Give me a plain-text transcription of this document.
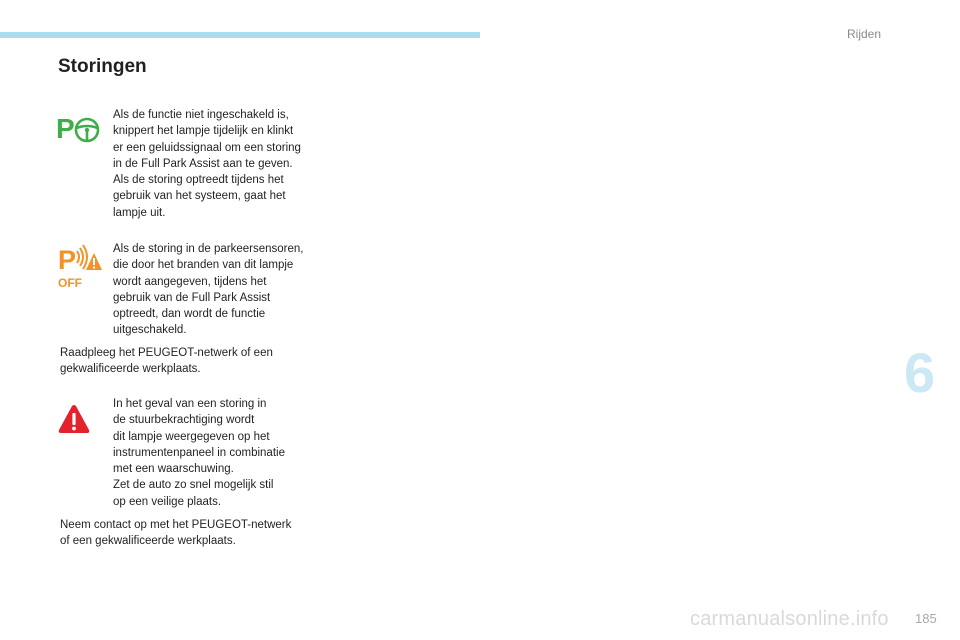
Rijden
Storingen
P	Als de functie niet ingeschakeld is,
knippert het lampje tijdelijk en klinkt
er een geluidssignaal om een storing
in de Full Park Assist aan te geven.
Als de storing optreedt tijdens het
gebruik van het systeem, gaat het
lampje uit.
P
OFF
Als de storing in de parkeersensoren,
die door het branden van dit lampje
wordt aangegeven, tijdens het
gebruik van de Full Park Assist
optreedt, dan wordt de functie
uitgeschakeld.
Raadpleeg het PEUGEOT-netwerk of een
gekwalificeerde werkplaats.
In het geval van een storing in
de stuurbekrachtiging wordt
dit lampje weergegeven op het
instrumentenpaneel in combinatie
met een waarschuwing.
Zet de auto zo snel mogelijk stil
op een veilige plaats.
Neem contact op met het PEUGEOT-netwerk
of een gekwalificeerde werkplaats.
6
carmanualsonline.info 185
